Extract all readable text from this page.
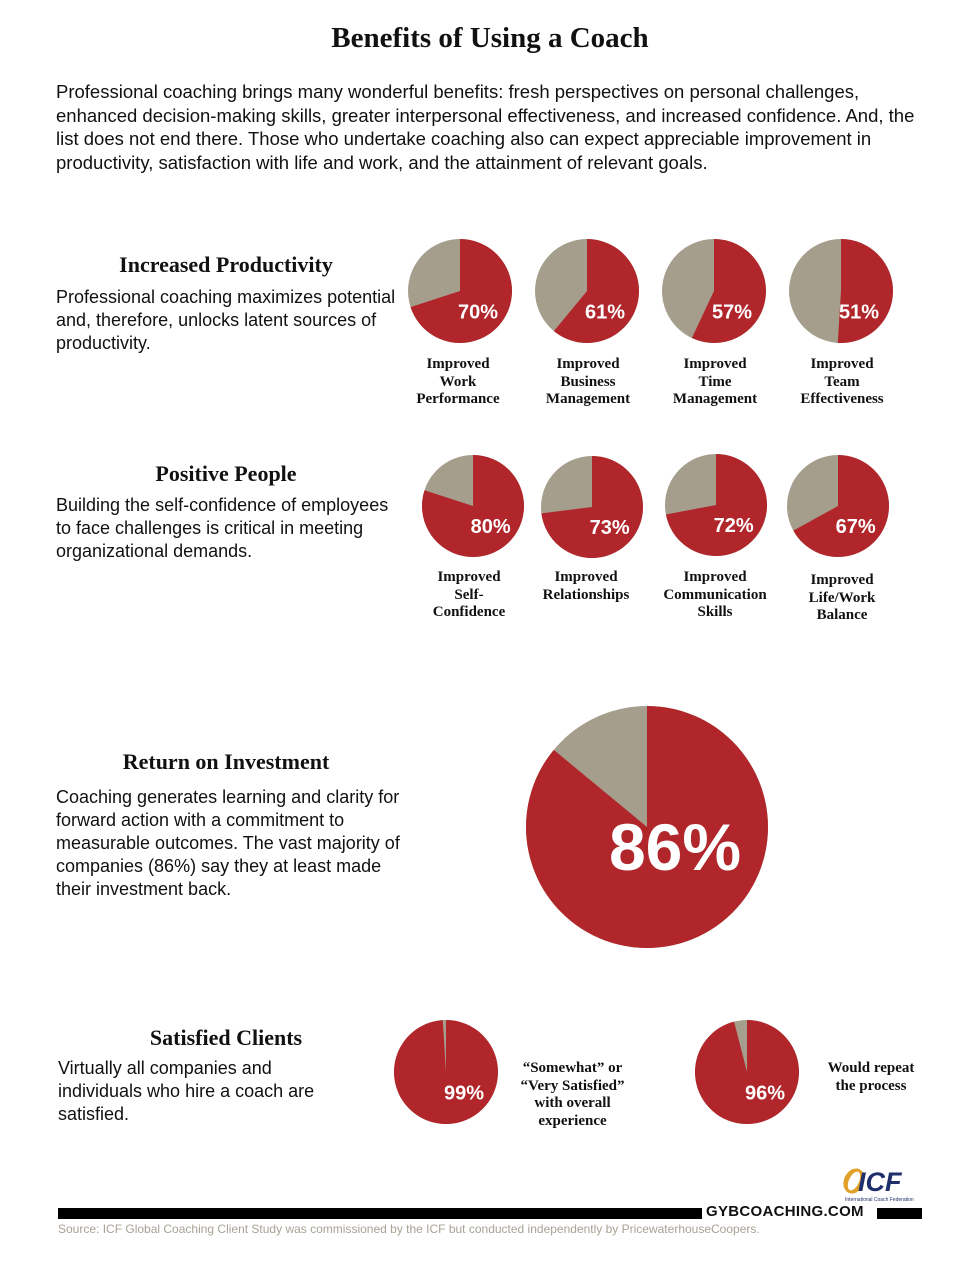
Benefits of Using a Coach
Professional coaching brings many wonderful benefits: fresh perspectives on personal challenges, enhanced decision-making skills, greater interpersonal effectiveness, and increased confidence. And, the list does not end there. Those who undertake coaching also can expect appreciable improvement in productivity, satisfaction with life and work, and the attainment of relevant goals.
Increased Productivity
Professional coaching maximizes potential and, therefore, unlocks latent sources of productivity.
Positive People
Building the self-confidence of employees to face challenges is critical in meeting organizational demands.
Return on Investment
Coaching generates learning and clarity for forward action with a commitment to measurable outcomes. The vast majority of companies (86%) say they at least made their investment back.
Satisfied Clients
Virtually all companies and individuals who hire a coach are satisfied.
70%	61%	57%	51%
80%	73%	72%	67%
86%
99%	96%
Improved
Work
Performance
Improved
Business
Management
Improved
Time
Management
Improved
Team
Effectiveness
Improved
Self-
Confidence
Improved
Relationships
Improved
Communication
Skills
Improved
Life/Work
Balance
“Somewhat” or
“Very Satisfied”
with overall
experience
Would repeat
the process
ICF
International Coach Federation
GYBCOACHING.COM
Source: ICF Global Coaching Client Study was commissioned by the ICF but conducted independently by PricewaterhouseCoopers.
